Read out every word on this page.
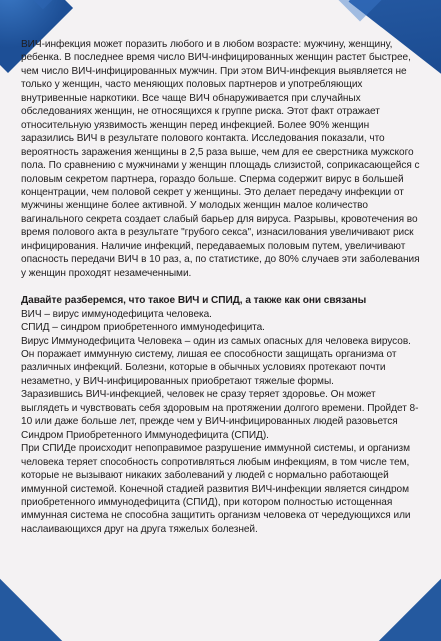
ВИЧ-инфекция может поразить любого и в любом возрасте: мужчину, женщину, ребенка. В последнее время число ВИЧ-инфицированных женщин растет быстрее, чем число ВИЧ-инфицированных мужчин. При этом ВИЧ-инфекция выявляется не только у женщин, часто меняющих половых партнеров и употребляющих внутривенные наркотики. Все чаще ВИЧ обнаруживается при случайных обследованиях женщин, не относящихся к группе риска. Этот факт отражает относительную уязвимость женщин перед инфекцией. Более 90% женщин заразились ВИЧ в результате полового контакта. Исследования показали, что вероятность заражения женщины в 2,5 раза выше, чем для ее сверстника мужского пола. По сравнению с мужчинами у женщин площадь слизистой, соприкасающейся с половым секретом партнера, гораздо больше. Сперма содержит вирус в большей концентрации, чем половой секрет у женщины. Это делает передачу инфекции от мужчины женщине более активной. У молодых женщин малое количество вагинального секрета создает слабый барьер для вируса. Разрывы, кровотечения во время полового акта в результате "грубого секса", изнасилования увеличивают риск инфицирования. Наличие инфекций, передаваемых половым путем, увеличивают опасность передачи ВИЧ в 10 раз, а, по статистике, до 80% случаев эти заболевания у женщин проходят незамеченными.

Давайте разберемся, что такое ВИЧ и СПИД, а также как они связаны

ВИЧ – вирус иммунодефицита человека.

СПИД – синдром приобретенного иммунодефицита.

Вирус Иммунодефицита Человека – один из самых опасных для человека вирусов. Он поражает иммунную систему, лишая ее способности защищать организма от различных инфекций. Болезни, которые в обычных условиях протекают почти незаметно, у ВИЧ-инфицированных приобретают тяжелые формы.

Заразившись ВИЧ-инфекцией, человек не сразу теряет здоровье. Он может выглядеть и чувствовать себя здоровым на протяжении долгого времени. Пройдет 8-10 или даже больше лет, прежде чем у ВИЧ-инфицированных людей разовьется Синдром Приобретенного Иммунодефицита (СПИД).

При СПИДе происходит непоправимое разрушение иммунной системы, и организм человека теряет способность сопротивляться любым инфекциям, в том числе тем, которые не вызывают никаких заболеваний у людей с нормально работающей иммунной системой. Конечной стадией развития ВИЧ-инфекции является синдром приобретенного иммунодефицита (СПИД), при котором полностью истощенная иммунная система не способна защитить организм человека от чередующихся или наслаивающихся друг на друга тяжелых болезней.
